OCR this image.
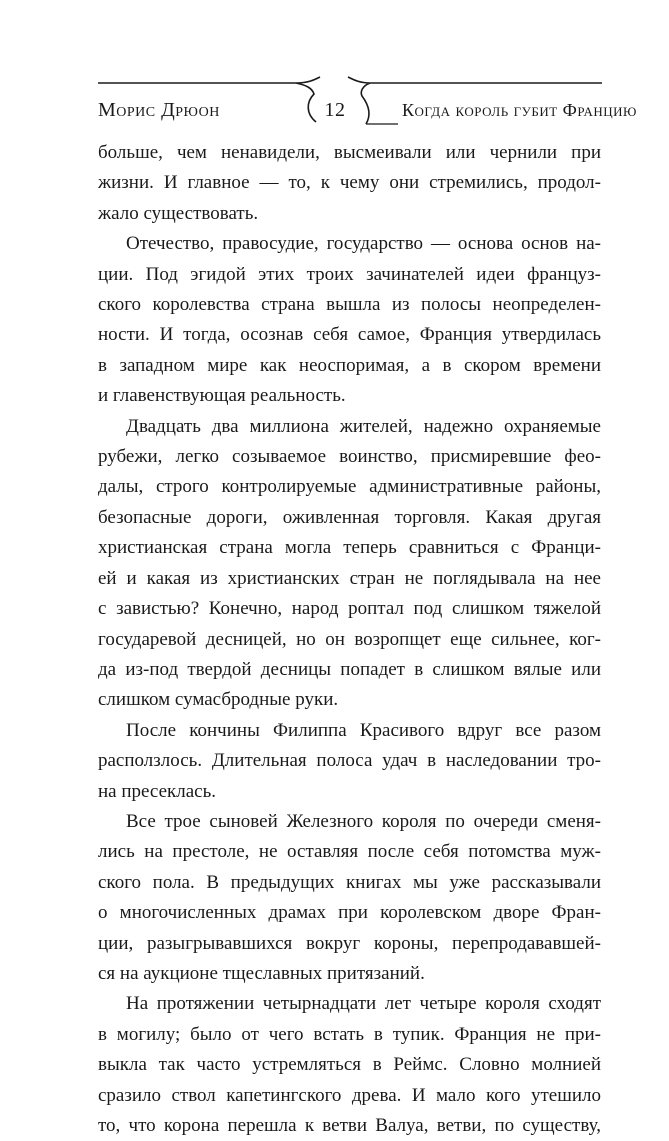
Морис Дрюон	12	Когда король губит Францию

больше, чем ненавидели, высмеивали или чернили при
жизни. И главное — то, к чему они стремились, продол-
жало существовать.

Отечество, правосудие, государство — основа основ на-
ции. Под эгидой этих троих зачинателей идеи француз-
ского королевства страна вышла из полосы неопределен-
ности. И тогда, осознав себя самое, Франция утвердилась
в западном мире как неоспоримая, а в скором времени
и главенствующая реальность.

Двадцать два миллиона жителей, надежно охраняемые
рубежи, легко созываемое воинство, присмиревшие фео-
далы, строго контролируемые административные районы,
безопасные дороги, оживленная торговля. Какая другая
христианская страна могла теперь сравниться с Франци-
ей и какая из христианских стран не поглядывала на нее
с завистью? Конечно, народ роптал под слишком тяжелой
государевой десницей, но он возропщет еще сильнее, ког-
да из-под твердой десницы попадет в слишком вялые или
слишком сумасбродные руки.

После кончины Филиппа Красивого вдруг все разом
расползлось. Длительная полоса удач в наследовании тро-
на пресеклась.

Все трое сыновей Железного короля по очереди сменя-
лись на престоле, не оставляя после себя потомства муж-
ского пола. В предыдущих книгах мы уже рассказывали
о многочисленных драмах при королевском дворе Фран-
ции, разыгрывавшихся вокруг короны, перепродававшей-
ся на аукционе тщеславных притязаний.

На протяжении четырнадцати лет четыре короля сходят
в могилу; было от чего встать в тупик. Франция не при-
выкла так часто устремляться в Реймс. Словно молнией
сразило ствол капетингского древа. И мало кого утешило
то, что корона перешла к ветви Валуа, ветви, по существу,
